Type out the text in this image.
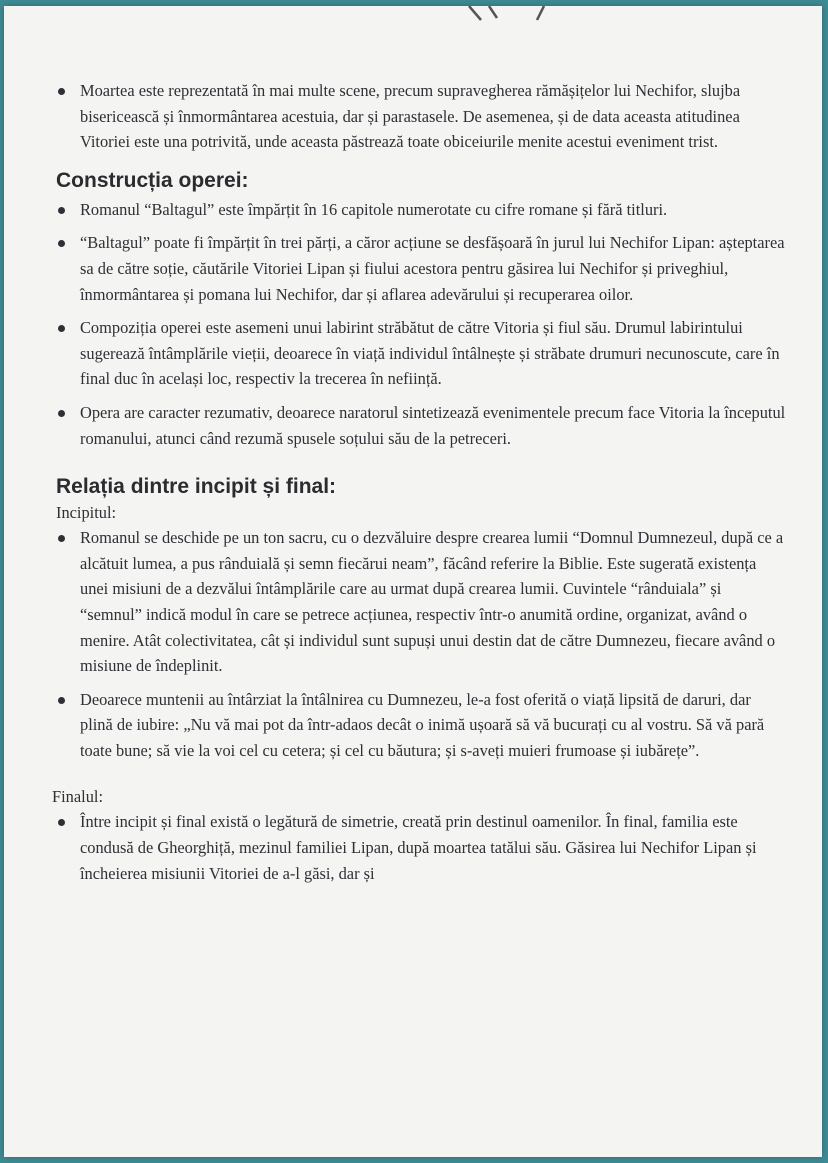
Moartea este reprezentată în mai multe scene, precum supravegherea rămășițelor lui Nechifor, slujba bisericească și înmormântarea acestuia, dar și parastasele. De asemenea, și de data aceasta atitudinea Vitoriei este una potrivită, unde aceasta păstrează toate obiceiurile menite acestui eveniment trist.
Construcția operei:
Romanul “Baltagul” este împărțit în 16 capitole numerotate cu cifre romane și fără titluri.
“Baltagul” poate fi împărțit în trei părți, a căror acțiune se desfășoară în jurul lui Nechifor Lipan: așteptarea sa de către soție, căutările Vitoriei Lipan și fiului acestora pentru găsirea lui Nechifor și priveghiul, înmormântarea și pomana lui Nechifor, dar și aflarea adevărului și recuperarea oilor.
Compoziția operei este asemeni unui labirint străbătut de către Vitoria și fiul său. Drumul labirintului sugerează întâmplările vieții, deoarece în viață individul întâlnește și străbate drumuri necunoscute, care în final duc în același loc, respectiv la trecerea în neființă.
Opera are caracter rezumativ, deoarece naratorul sintetizează evenimentele precum face Vitoria la începutul romanului, atunci când rezumă spusele soțului său de la petreceri.
Relația dintre incipit și final:

Incipitul:

Romanul se deschide pe un ton sacru, cu o dezvăluire despre crearea lumii “Domnul Dumnezeul, după ce a alcătuit lumea, a pus rânduială și semn fiecărui neam”, făcând referire la Biblie. Este sugerată existența unei misiuni de a dezvălui întâmplările care au urmat după crearea lumii. Cuvintele “rânduiala” și “semnul” indică modul în care se petrece acțiunea, respectiv într-o anumită ordine, organizat, având o menire. Atât colectivitatea, cât și individul sunt supuși unui destin dat de către Dumnezeu, fiecare având o misiune de îndeplinit.
Deoarece muntenii au întârziat la întâlnirea cu Dumnezeu, le-a fost oferită o viață lipsită de daruri, dar plină de iubire: „Nu vă mai pot da într-adaos decât o inimă ușoară să vă bucurați cu al vostru. Să vă pară toate bune; să vie la voi cel cu cetera; și cel cu băutura; și s-aveți muieri frumoase și iubărețe”.

Finalul:

Între incipit și final există o legătură de simetrie, creată prin destinul oamenilor. În final, familia este condusă de Gheorghiță, mezinul familiei Lipan, după moartea tatălui său. Găsirea lui Nechifor Lipan și încheierea misiunii Vitoriei de a-l găsi, dar și
